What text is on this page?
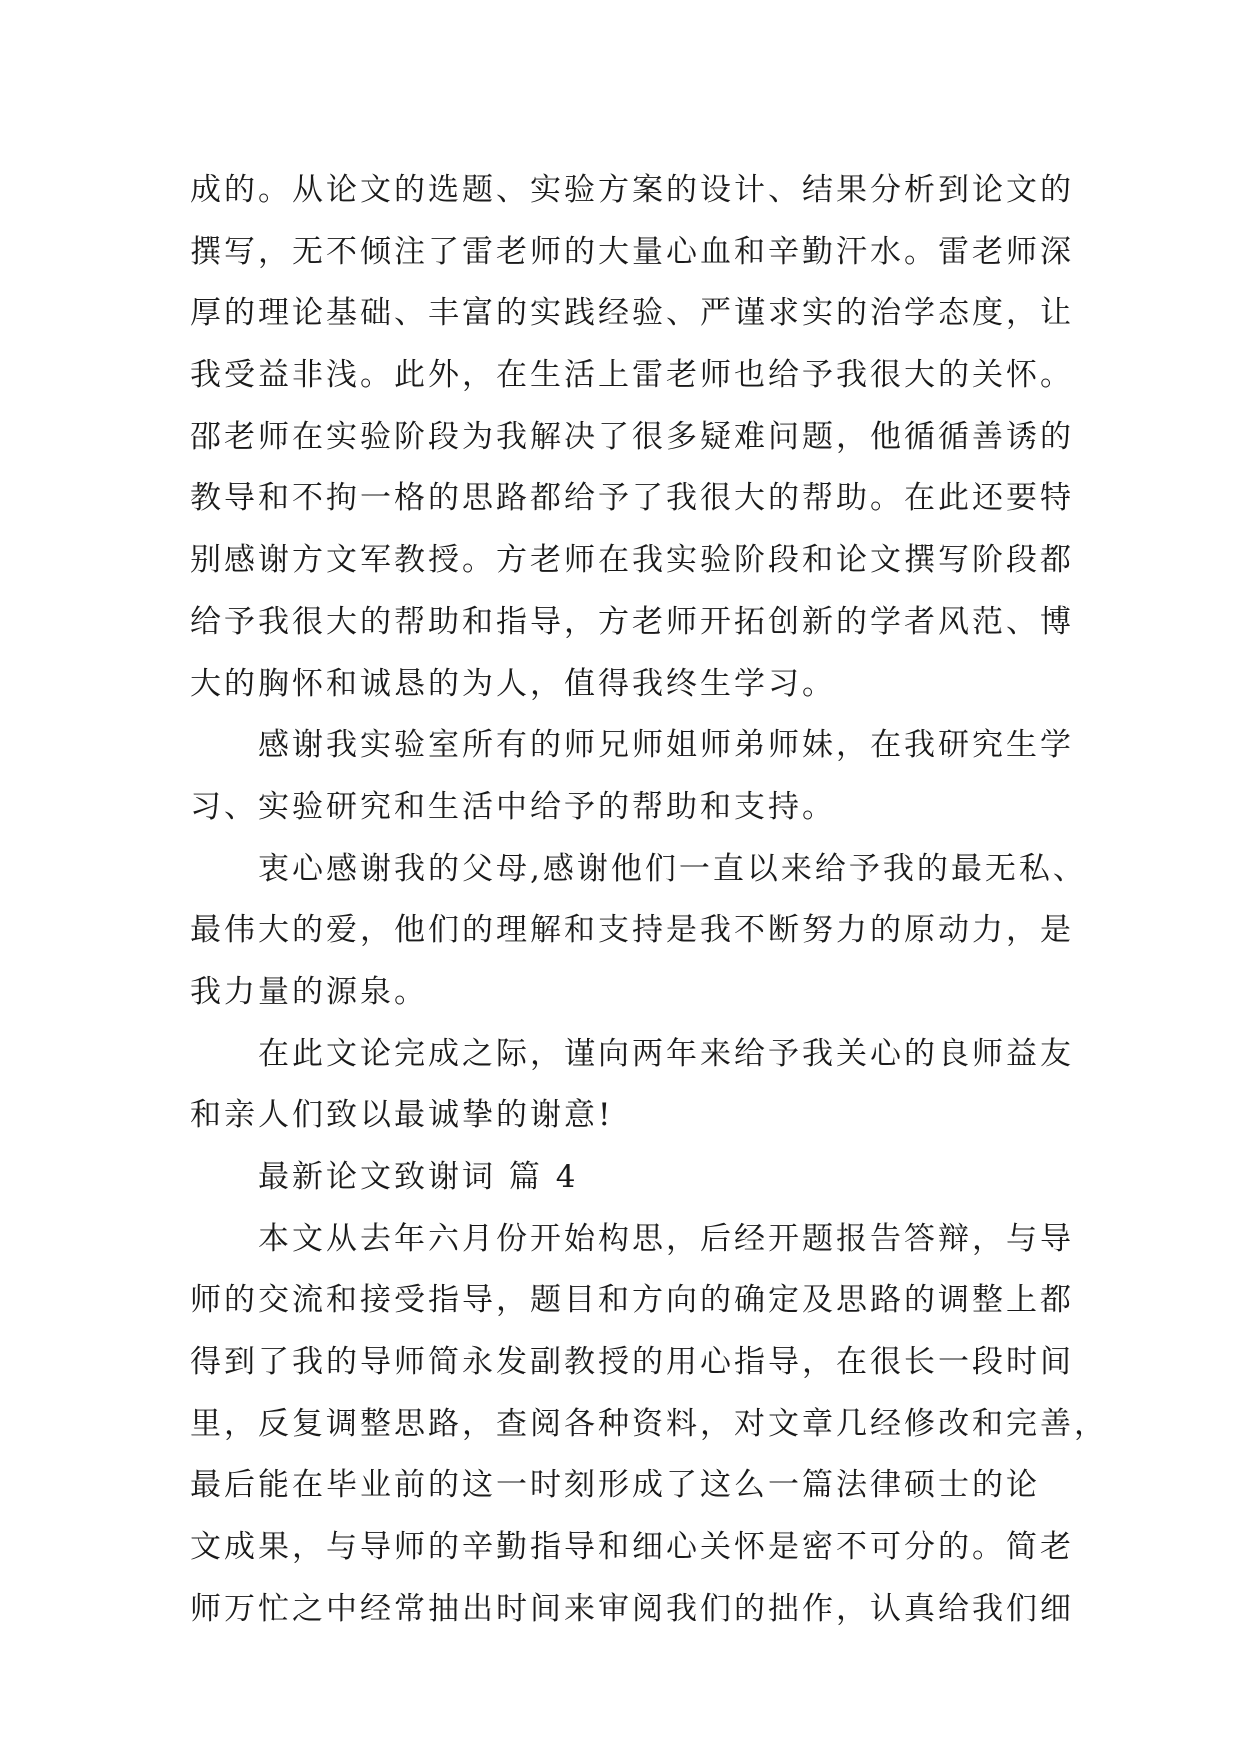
成的。从论文的选题、实验方案的设计、结果分析到论文的
撰写，无不倾注了雷老师的大量心血和辛勤汗水。雷老师深
厚的理论基础、丰富的实践经验、严谨求实的治学态度，让
我受益非浅。此外，在生活上雷老师也给予我很大的关怀。
邵老师在实验阶段为我解决了很多疑难问题，他循循善诱的
教导和不拘一格的思路都给予了我很大的帮助。在此还要特
别感谢方文军教授。方老师在我实验阶段和论文撰写阶段都
给予我很大的帮助和指导，方老师开拓创新的学者风范、博
大的胸怀和诚恳的为人，值得我终生学习。
　　感谢我实验室所有的师兄师姐师弟师妹，在我研究生学
习、实验研究和生活中给予的帮助和支持。
　　衷心感谢我的父母,感谢他们一直以来给予我的最无私、
最伟大的爱，他们的理解和支持是我不断努力的原动力，是
我力量的源泉。
　　在此文论完成之际，谨向两年来给予我关心的良师益友
和亲人们致以最诚挚的谢意!
　　最新论文致谢词 篇 4
　　本文从去年六月份开始构思，后经开题报告答辩，与导
师的交流和接受指导，题目和方向的确定及思路的调整上都
得到了我的导师简永发副教授的用心指导，在很长一段时间
里，反复调整思路，查阅各种资料，对文章几经修改和完善，
最后能在毕业前的这一时刻形成了这么一篇法律硕士的论
文成果，与导师的辛勤指导和细心关怀是密不可分的。简老
师万忙之中经常抽出时间来审阅我们的拙作，认真给我们细
